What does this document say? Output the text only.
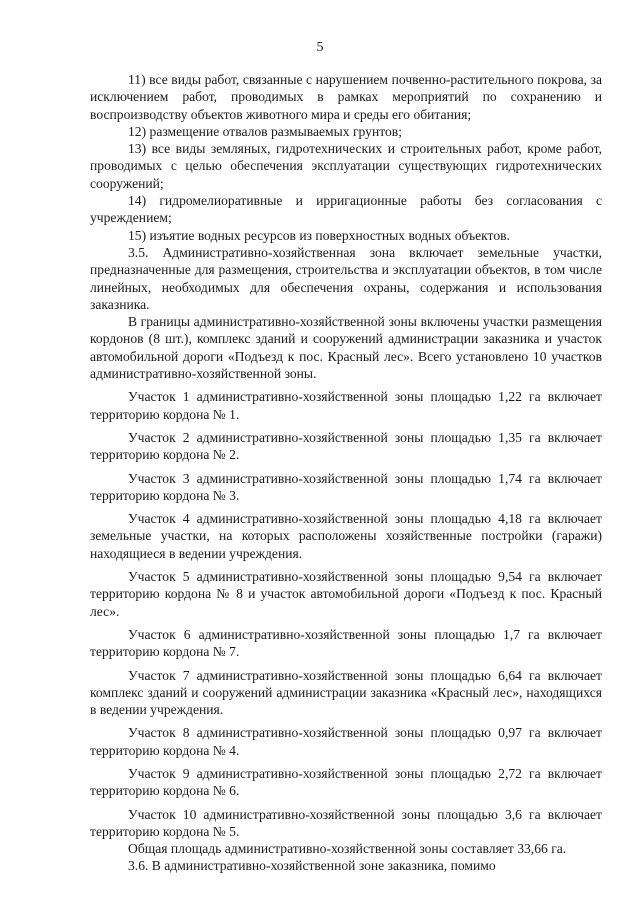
5

11) все виды работ, связанные с нарушением почвенно-растительного покрова, за исключением работ, проводимых в рамках мероприятий по сохранению и воспроизводству объектов животного мира и среды его обитания;

12) размещение отвалов размываемых грунтов;

13) все виды земляных, гидротехнических и строительных работ, кроме работ, проводимых с целью обеспечения эксплуатации существующих гидротехнических сооружений;

14) гидромелиоративные и ирригационные работы без согласования с учреждением;

15) изъятие водных ресурсов из поверхностных водных объектов.

3.5. Административно-хозяйственная зона включает земельные участки, предназначенные для размещения, строительства и эксплуатации объектов, в том числе линейных, необходимых для обеспечения охраны, содержания и использования заказника.

В границы административно-хозяйственной зоны включены участки размещения кордонов (8 шт.), комплекс зданий и сооружений администрации заказника и участок автомобильной дороги «Подъезд к пос. Красный лес». Всего установлено 10 участков административно-хозяйственной зоны.

Участок 1 административно-хозяйственной зоны площадью 1,22 га включает территорию кордона № 1.

Участок 2 административно-хозяйственной зоны площадью 1,35 га включает территорию кордона № 2.

Участок 3 административно-хозяйственной зоны площадью 1,74 га включает территорию кордона № 3.

Участок 4 административно-хозяйственной зоны площадью 4,18 га включает земельные участки, на которых расположены хозяйственные постройки (гаражи) находящиеся в ведении учреждения.

Участок 5 административно-хозяйственной зоны площадью 9,54 га включает территорию кордона № 8 и участок автомобильной дороги «Подъезд к пос. Красный лес».

Участок 6 административно-хозяйственной зоны площадью 1,7 га включает территорию кордона № 7.

Участок 7 административно-хозяйственной зоны площадью 6,64 га включает комплекс зданий и сооружений администрации заказника «Красный лес», находящихся в ведении учреждения.

Участок 8 административно-хозяйственной зоны площадью 0,97 га включает территорию кордона № 4.

Участок 9 административно-хозяйственной зоны площадью 2,72 га включает территорию кордона № 6.

Участок 10 административно-хозяйственной зоны площадью 3,6 га включает территорию кордона № 5.

Общая площадь административно-хозяйственной зоны составляет 33,66 га.

3.6. В административно-хозяйственной зоне заказника, помимо
